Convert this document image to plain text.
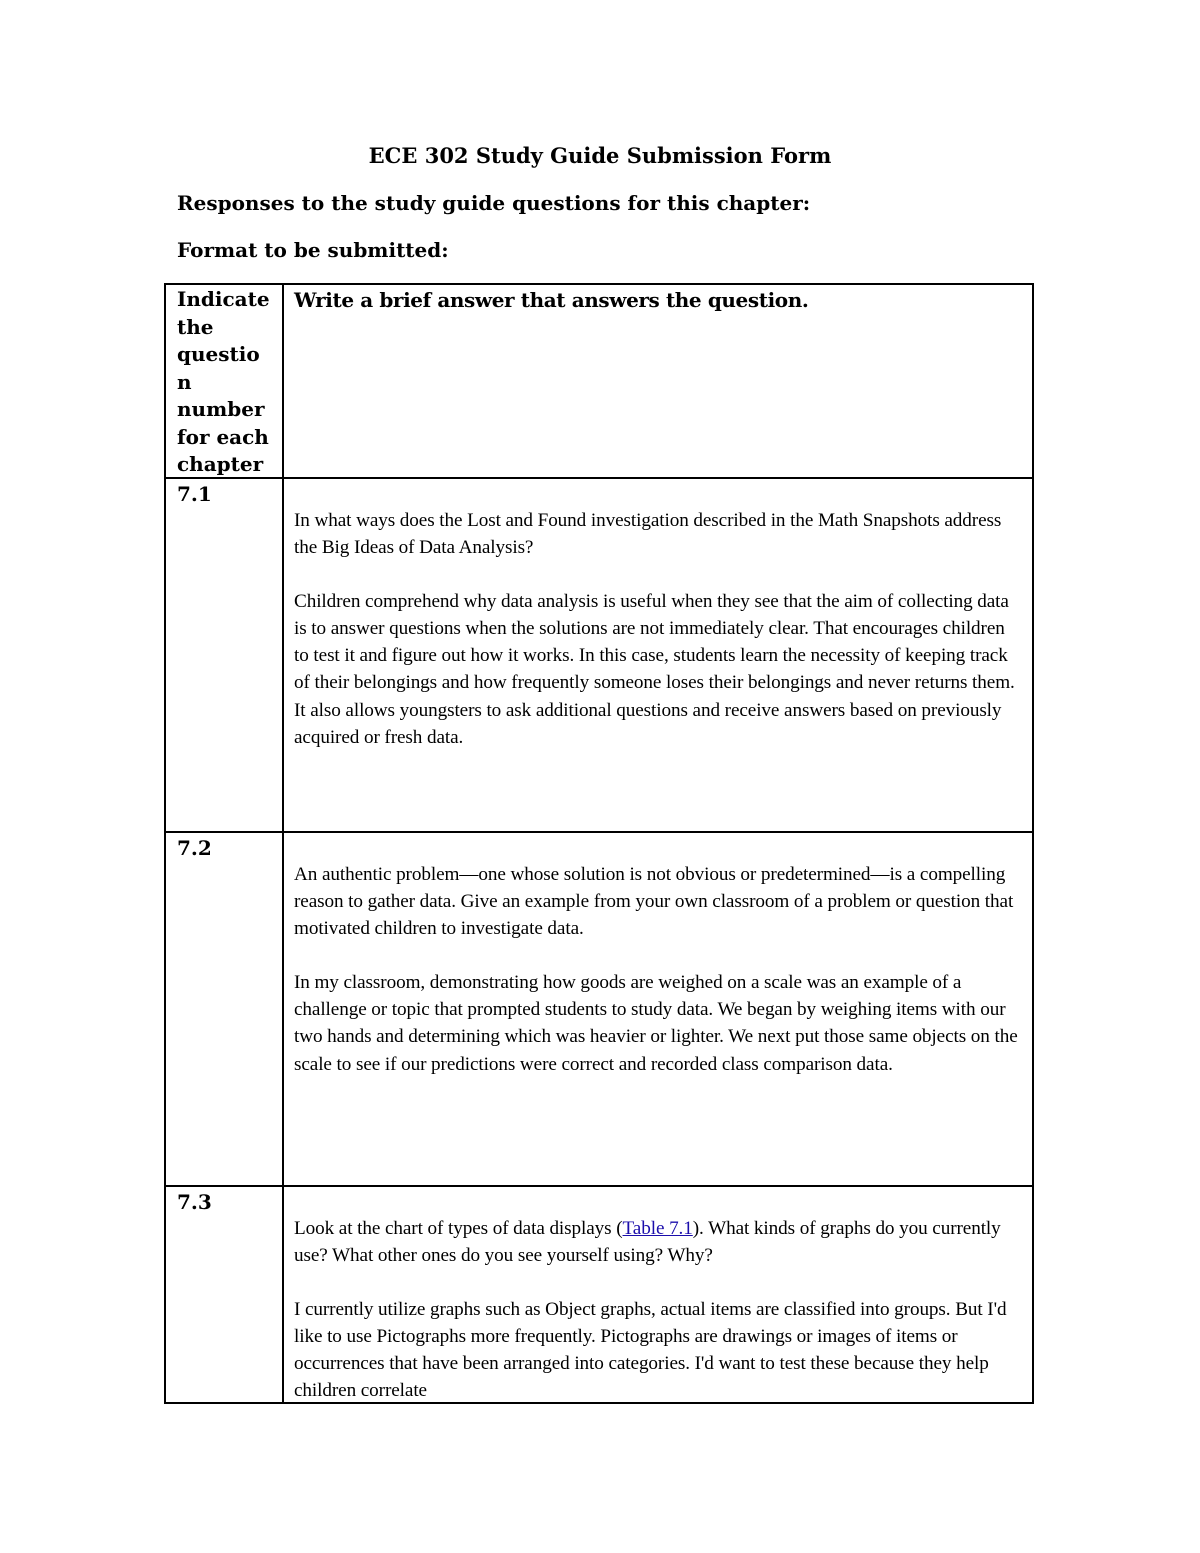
ECE 302 Study Guide Submission Form
Responses to the study guide questions for this chapter:
Format to be submitted:
Indicate the questio n number for each chapter
Write a brief answer that answers the question.
7.1

In what ways does the Lost and Found investigation described in the Math Snapshots address the Big Ideas of Data Analysis?

Children comprehend why data analysis is useful when they see that the aim of collecting data is to answer questions when the solutions are not immediately clear. That encourages children to test it and figure out how it works. In this case, students learn the necessity of keeping track of their belongings and how frequently someone loses their belongings and never returns them. It also allows youngsters to ask additional questions and receive answers based on previously acquired or fresh data.

7.2

An authentic problem—one whose solution is not obvious or predetermined—is a compelling reason to gather data. Give an example from your own classroom of a problem or question that motivated children to investigate data.

In my classroom, demonstrating how goods are weighed on a scale was an example of a challenge or topic that prompted students to study data. We began by weighing items with our two hands and determining which was heavier or lighter. We next put those same objects on the scale to see if our predictions were correct and recorded class comparison data.

7.3

Look at the chart of types of data displays (Table 7.1). What kinds of graphs do you currently use? What other ones do you see yourself using? Why?

I currently utilize graphs such as Object graphs, actual items are classified into groups. But I'd like to use Pictographs more frequently. Pictographs are drawings or images of items or occurrences that have been arranged into categories. I'd want to test these because they help children correlate
